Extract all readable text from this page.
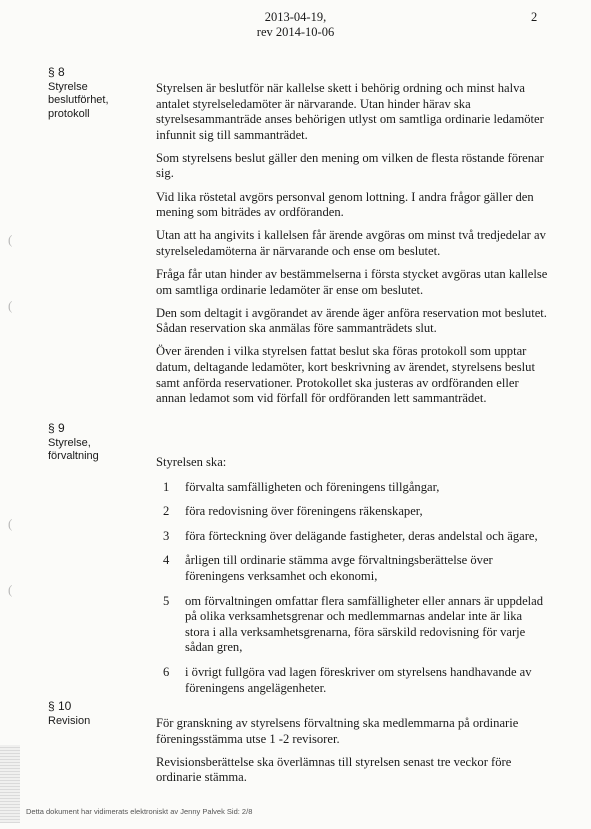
2013-04-19,
rev 2014-10-06
2
§ 8
Styrelse
beslutförhet,
protokoll

Styrelsen är beslutför när kallelse skett i behörig ordning och minst halva antalet styrelseledamöter är närvarande. Utan hinder härav ska styrelsesammanträde anses behörigen utlyst om samtliga ordinarie ledamöter infunnit sig till sammanträdet.

Som styrelsens beslut gäller den mening om vilken de flesta röstande förenar sig.

Vid lika röstetal avgörs personval genom lottning. I andra frågor gäller den mening som biträdes av ordföranden.

Utan att ha angivits i kallelsen får ärende avgöras om minst två tredjedelar av styrelseledamöterna är närvarande och ense om beslutet.

Fråga får utan hinder av bestämmelserna i första stycket avgöras utan kallelse om samtliga ordinarie ledamöter är ense om beslutet.

Den som deltagit i avgörandet av ärende äger anföra reservation mot beslutet. Sådan reservation ska anmälas före sammanträdets slut.

Över ärenden i vilka styrelsen fattat beslut ska föras protokoll som upptar datum, deltagande ledamöter, kort beskrivning av ärendet, styrelsens beslut samt anförda reservationer. Protokollet ska justeras av ordföranden eller annan ledamot som vid förfall för ordföranden lett sammanträdet.

§ 9
Styrelse,
förvaltning	Styrelsen ska:
1	förvalta samfälligheten och föreningens tillgångar,
2	föra redovisning över föreningens räkenskaper,
3	föra förteckning över delägande fastigheter, deras andelstal och ägare,
4	årligen till ordinarie stämma avge förvaltningsberättelse över föreningens verksamhet och ekonomi,
5	om förvaltningen omfattar flera samfälligheter eller annars är uppdelad på olika verksamhetsgrenar och medlemmarnas andelar inte är lika stora i alla verksamhetsgrenarna, föra särskild redovisning för varje sådan gren,
6	i övrigt fullgöra vad lagen föreskriver om styrelsens handhavande av föreningens angelägenheter.
§ 10
Revision	För granskning av styrelsens förvaltning ska medlemmarna på ordinarie föreningsstämma utse 1 -2 revisorer.

Revisionsberättelse ska överlämnas till styrelsen senast tre veckor före ordinarie stämma.

(
(
(
(
Detta dokument har vidimerats elektroniskt av Jenny Palvek Sid: 2/8
